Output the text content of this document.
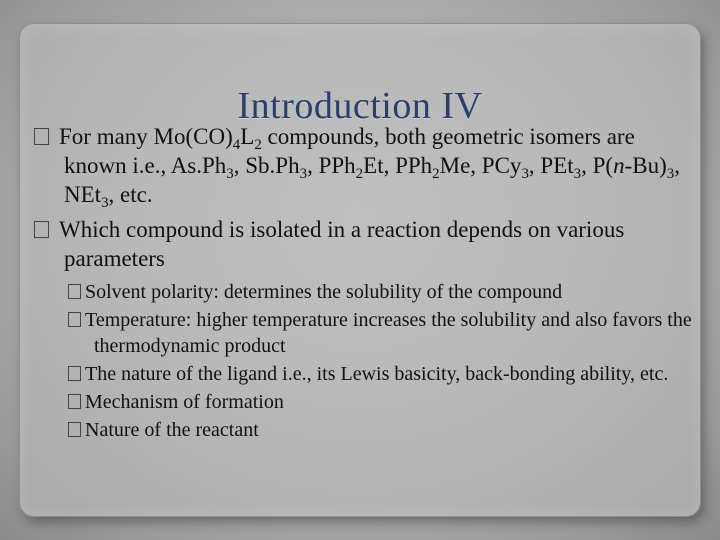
Introduction IV

For many $Mo(CO)_4L_2$ compounds, both geometric isomers are known i.e., $As.Ph_3$, $Sb.Ph_3$, PPh$_2$Et, PPh$_2$Me, PCy$_3$, PEt$_3$, $P(n-Bu)_3$, NEt$_3$, etc.

Which compound is isolated in a reaction depends on various parameters

Solvent polarity: determines the solubility of the compound

Temperature: higher temperature increases the solubility and also favors the thermodynamic product

The nature of the ligand i.e., its Lewis basicity, back-bonding ability, etc.

Mechanism of formation

Nature of the reactant
